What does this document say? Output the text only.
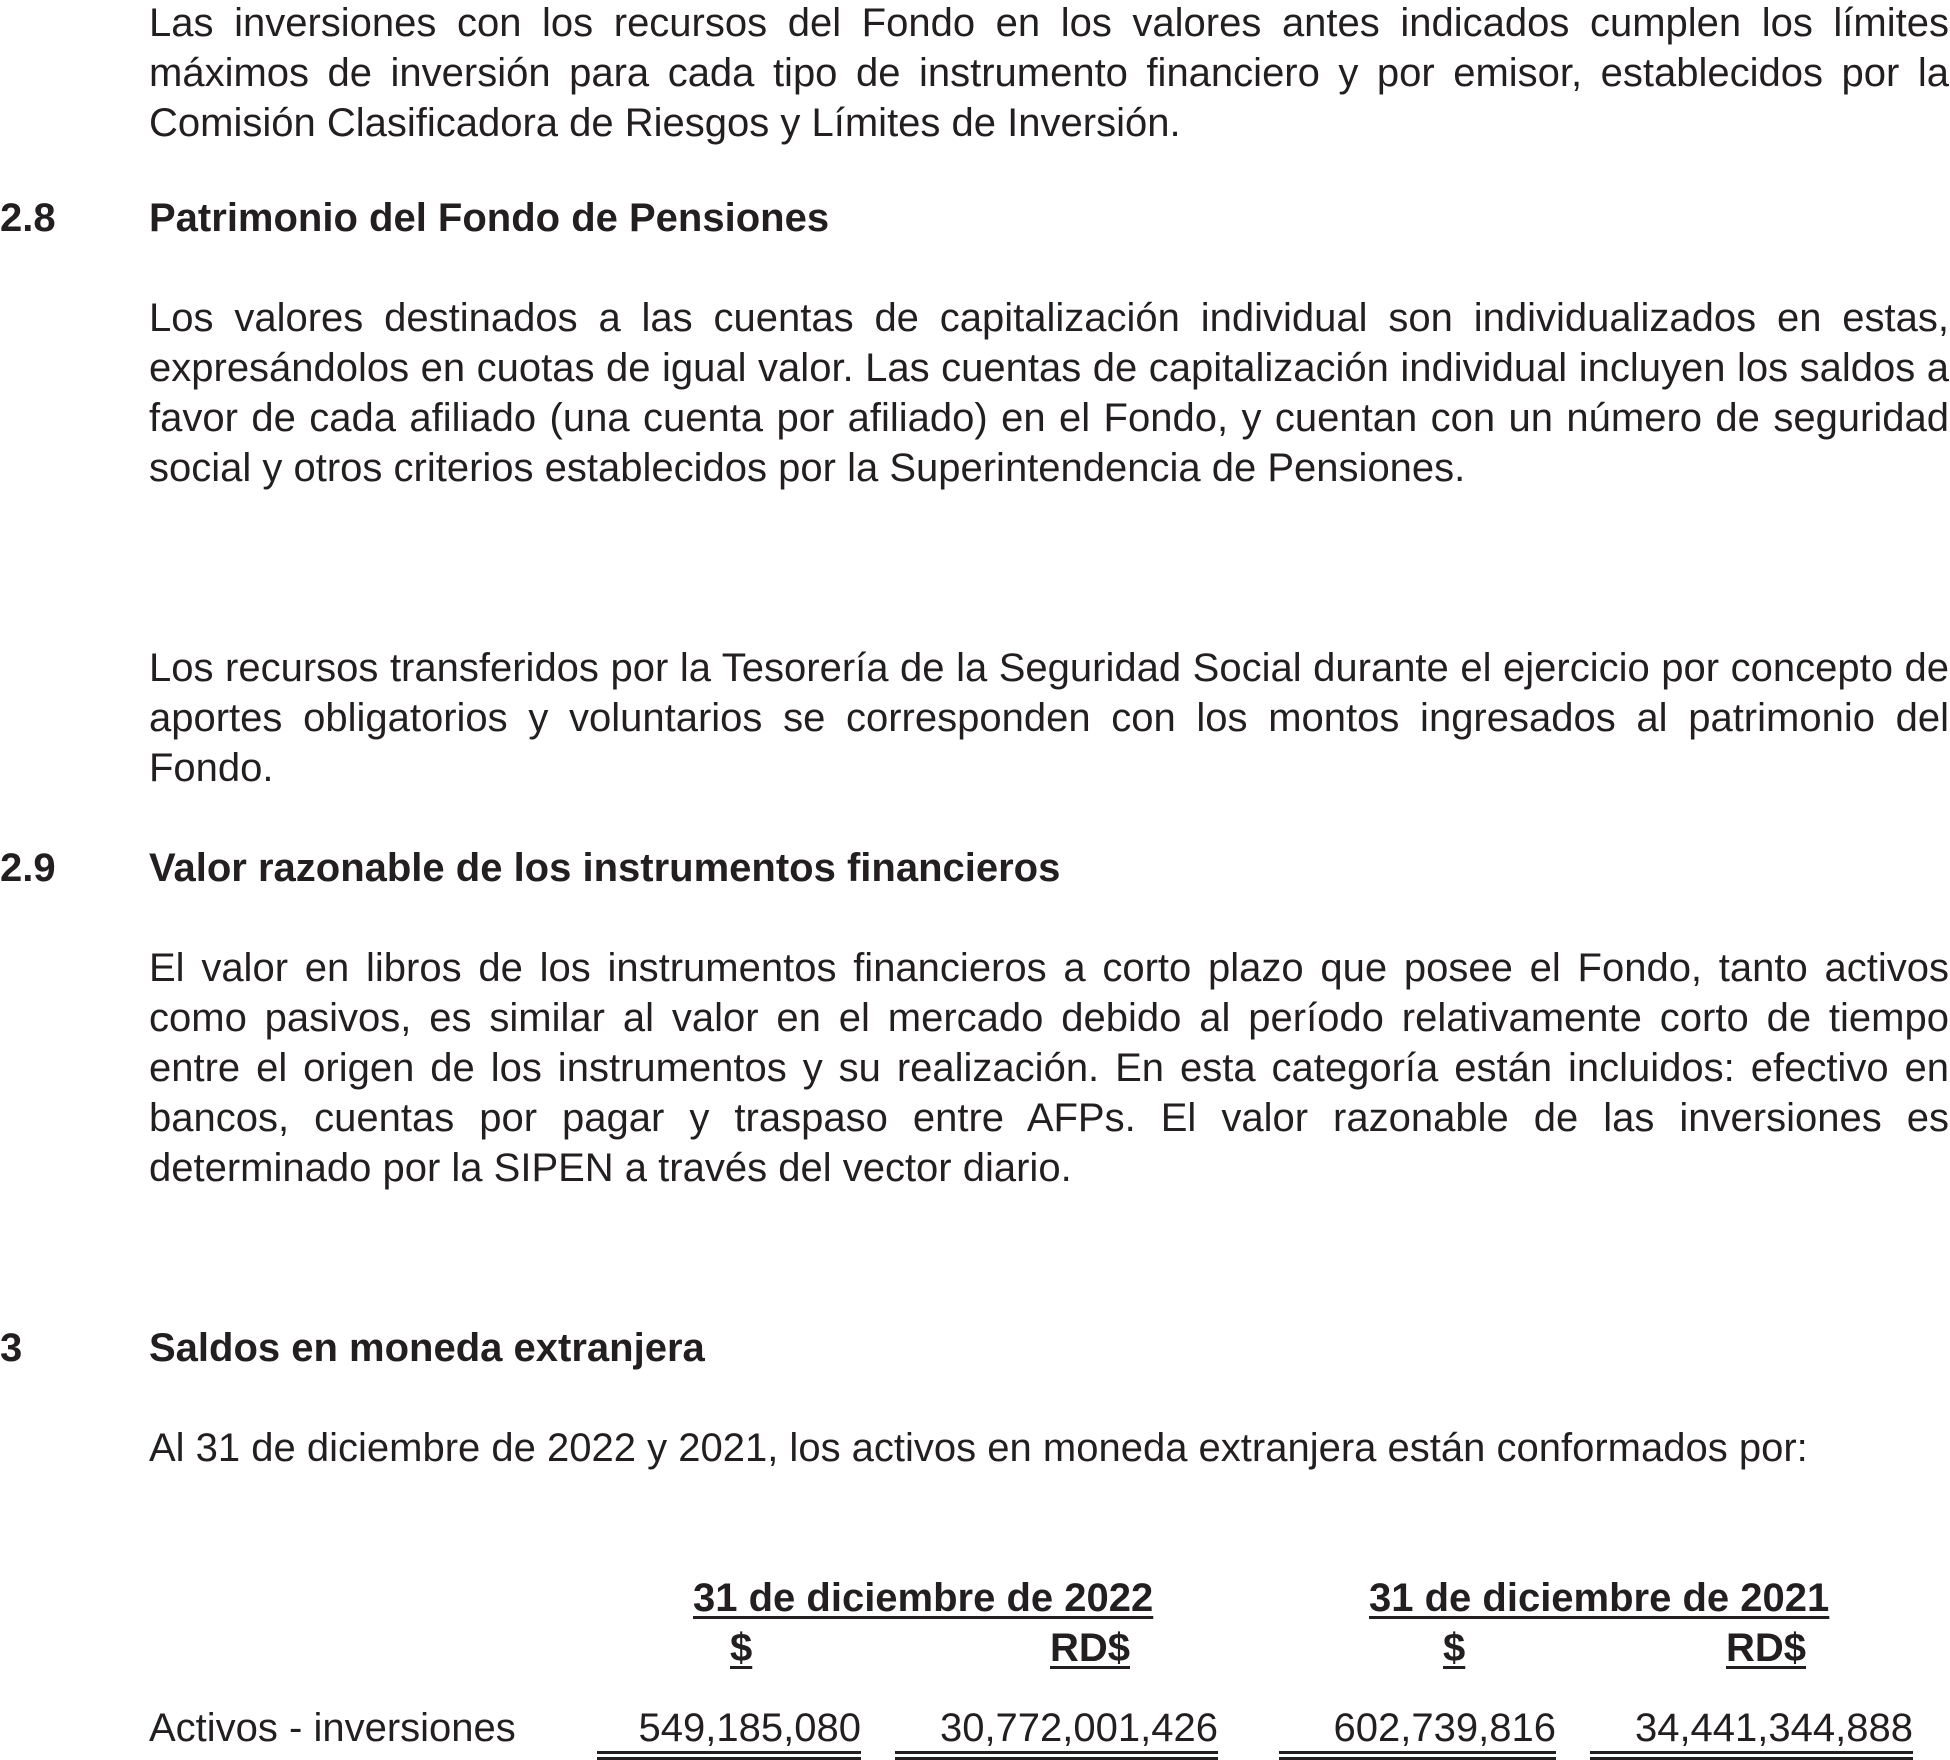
Las inversiones con los recursos del Fondo en los valores antes indicados cumplen los límites máximos de inversión para cada tipo de instrumento financiero y por emisor, establecidos por la Comisión Clasificadora de Riesgos y Límites de Inversión.

2.8 Patrimonio del Fondo de Pensiones

Los valores destinados a las cuentas de capitalización individual son individualizados en estas, expresándolos en cuotas de igual valor. Las cuentas de capitalización individual incluyen los saldos a favor de cada afiliado (una cuenta por afiliado) en el Fondo, y cuentan con un número de seguridad social y otros criterios establecidos por la Superintendencia de Pensiones.

Los recursos transferidos por la Tesorería de la Seguridad Social durante el ejercicio por concepto de aportes obligatorios y voluntarios se corresponden con los montos ingresados al patrimonio del Fondo.

2.9 Valor razonable de los instrumentos financieros

El valor en libros de los instrumentos financieros a corto plazo que posee el Fondo, tanto activos como pasivos, es similar al valor en el mercado debido al período relativamente corto de tiempo entre el origen de los instrumentos y su realización. En esta categoría están incluidos: efectivo en bancos, cuentas por pagar y traspaso entre AFPs. El valor razonable de las inversiones es determinado por la SIPEN a través del vector diario.

3	Saldos en moneda extranjera

Al 31 de diciembre de 2022 y 2021, los activos en moneda extranjera están conformados por:

31 de diciembre de 2022	31 de diciembre de 2021
$	RD$	$	RD$
Activos - inversiones	549,185,080	30,772,001,426	602,739,816	34,441,344,888
